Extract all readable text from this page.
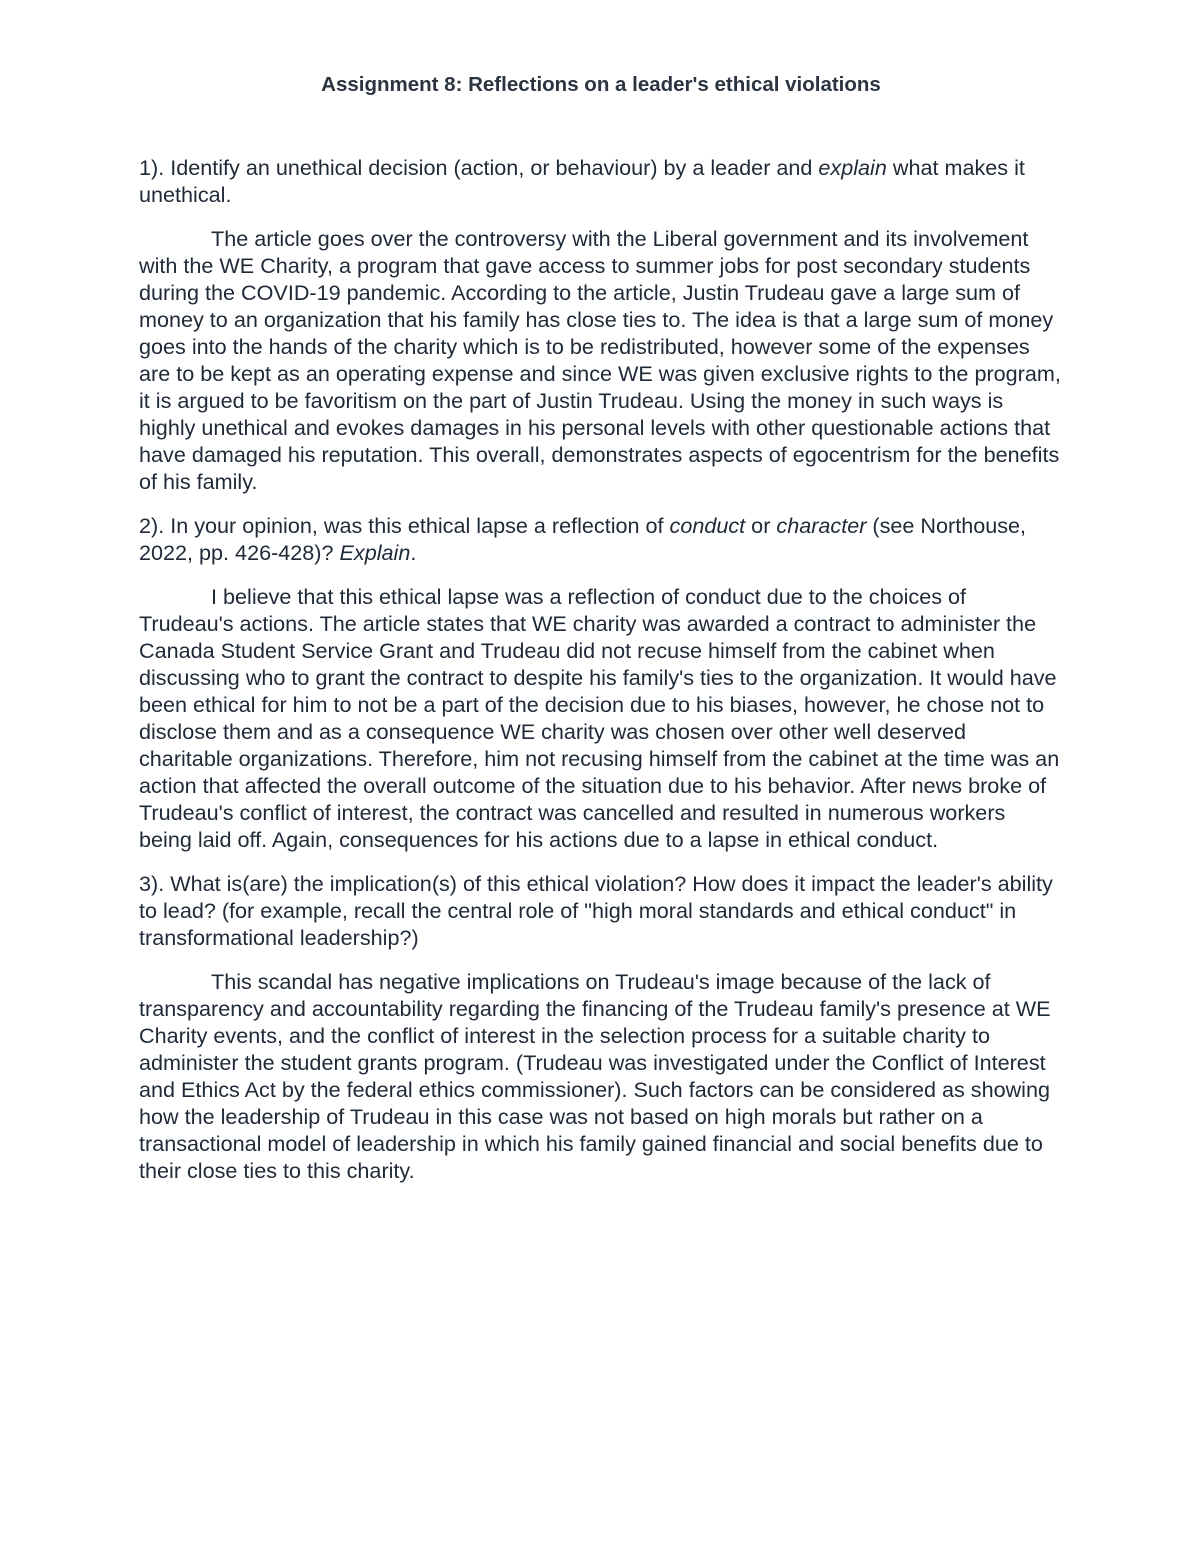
Assignment 8: Reflections on a leader's ethical violations

1). Identify an unethical decision (action, or behaviour) by a leader and explain what makes it unethical.

The article goes over the controversy with the Liberal government and its involvement with the WE Charity, a program that gave access to summer jobs for post secondary students during the COVID-19 pandemic. According to the article, Justin Trudeau gave a large sum of money to an organization that his family has close ties to. The idea is that a large sum of money goes into the hands of the charity which is to be redistributed, however some of the expenses are to be kept as an operating expense and since WE was given exclusive rights to the program, it is argued to be favoritism on the part of Justin Trudeau. Using the money in such ways is highly unethical and evokes damages in his personal levels with other questionable actions that have damaged his reputation. This overall, demonstrates aspects of egocentrism for the benefits of his family.

2). In your opinion, was this ethical lapse a reflection of conduct or character (see Northouse, 2022, pp. 426-428)? Explain.

I believe that this ethical lapse was a reflection of conduct due to the choices of Trudeau's actions. The article states that WE charity was awarded a contract to administer the Canada Student Service Grant and Trudeau did not recuse himself from the cabinet when discussing who to grant the contract to despite his family's ties to the organization. It would have been ethical for him to not be a part of the decision due to his biases, however, he chose not to disclose them and as a consequence WE charity was chosen over other well deserved charitable organizations. Therefore, him not recusing himself from the cabinet at the time was an action that affected the overall outcome of the situation due to his behavior. After news broke of Trudeau's conflict of interest, the contract was cancelled and resulted in numerous workers being laid off. Again, consequences for his actions due to a lapse in ethical conduct.

3). What is(are) the implication(s) of this ethical violation? How does it impact the leader's ability to lead? (for example, recall the central role of "high moral standards and ethical conduct" in transformational leadership?)

This scandal has negative implications on Trudeau's image because of the lack of transparency and accountability regarding the financing of the Trudeau family's presence at WE Charity events, and the conflict of interest in the selection process for a suitable charity to administer the student grants program. (Trudeau was investigated under the Conflict of Interest and Ethics Act by the federal ethics commissioner). Such factors can be considered as showing how the leadership of Trudeau in this case was not based on high morals but rather on a transactional model of leadership in which his family gained financial and social benefits due to their close ties to this charity.
